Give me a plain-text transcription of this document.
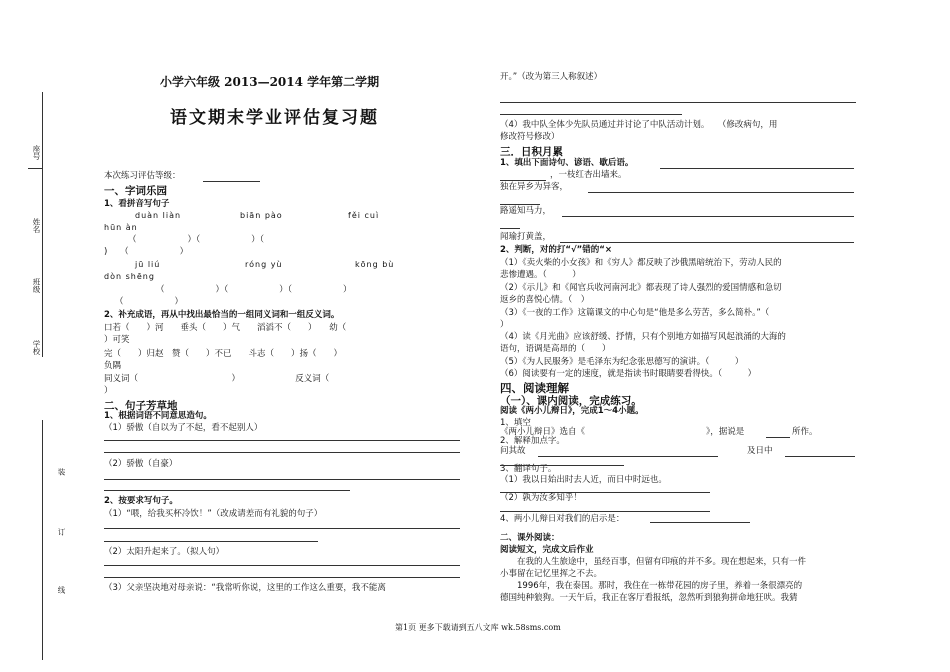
座号
姓名
班级
学校
装
订
线
小学六年级 2013—2014 学年第二学期
语文期末学业评估复习题
本次练习评估等级：
一、字词乐园
1、看拼音写句子
duàn liàn	biān pào	fěi cuì
hūn àn
（　　　　　　）（　　　　　　）（
)　　（　　　　　　）
jū liú	róng yù	kōng bù
dòn shēng
（　　　　　　）（　　　　　　）（　　　　　　）
（　　　　　　）
2、补充成语，再从中找出最恰当的一组同义词和一组反义词。
口若（　　）河　　垂头（　　）气　　滔滔不（　　）　　幼（
）可笑
完（　　）归赵　赞（　　）不已　　斗志（　　）扬（　　）
负隅
同义词（　　　　　　　　　　　）　　　　　　　反义词（
）
二、句子芳草地
1、根据词语不同意思造句。
（1）骄傲（自以为了不起，看不起别人）
（2）骄傲（自豪）
2、按要求写句子。
（1）“喂，给我买杯冷饮！”（改成请差而有礼貌的句子）
（2）太阳升起来了。（拟人句）
（3）父亲坚决地对母亲说：“我常听你说，这里的工作这么重要，我不能离
开。”（改为第三人称叙述）
（4）我中队全体少先队员通过并讨论了中队活动计划。　　（修改病句，用
修改符号修改）
三．日积月累
1、填出下面诗句、谚语、歇后语。
，一枝红杏出墙来。
独在异乡为异客，
路遥知马力，
闻瑜打黄盖，
2、判断，对的打“√”错的“×
（1）《卖火柴的小女孩》和《穷人》都反映了沙俄黑暗统治下，劳动人民的
悲惨遭遇。（　　　）
（2）《示儿》和《闻官兵收河南河北》都表现了诗人强烈的爱国情感和急切
返乡的喜悦心情。（　）
（3）《一夜的工作》这篇课文的中心句是“他是多么劳苦，多么简朴。”（
）
（4）读《月光曲》应该舒缓、抒情，只有个别地方如描写风起浪涌的大海的
语句，语调是高昂的（　　）
（5）《为人民服务》是毛泽东为纪念张思德写的演讲。（　　　）
（6）阅读要有一定的速度，就是指读书时眼睛要看得快。（　　　）
四、阅读理解
（一）、课内阅读，完成练习。
阅读《两小儿辩日》，完成1～4小题。
1、填空
《两小儿辩日》选自《	》，据说是	所作。
2、解释加点字。
问其故	及日中
3、翻译句子。
（1）我以日始出时去人近，而日中时远也。
（2）孰为汝多知乎！
4、两小儿辩日对我们的启示是：
二、课外阅读：
阅读短文，完成文后作业
　　在我的人生旅途中，虽经百事，但留有印痕的并不多。现在想起来，只有一件
小事留在记忆里挥之不去。
　　1996年，我在泰国。那时，我住在一栋带花园的房子里，养着一条很漂亮的
德国纯种狼狗。一天午后，我正在客厅看报纸，忽然听到狼狗拼命地狂吠。我猜
第1页 更多下载请到五八文库 wk.58sms.com
